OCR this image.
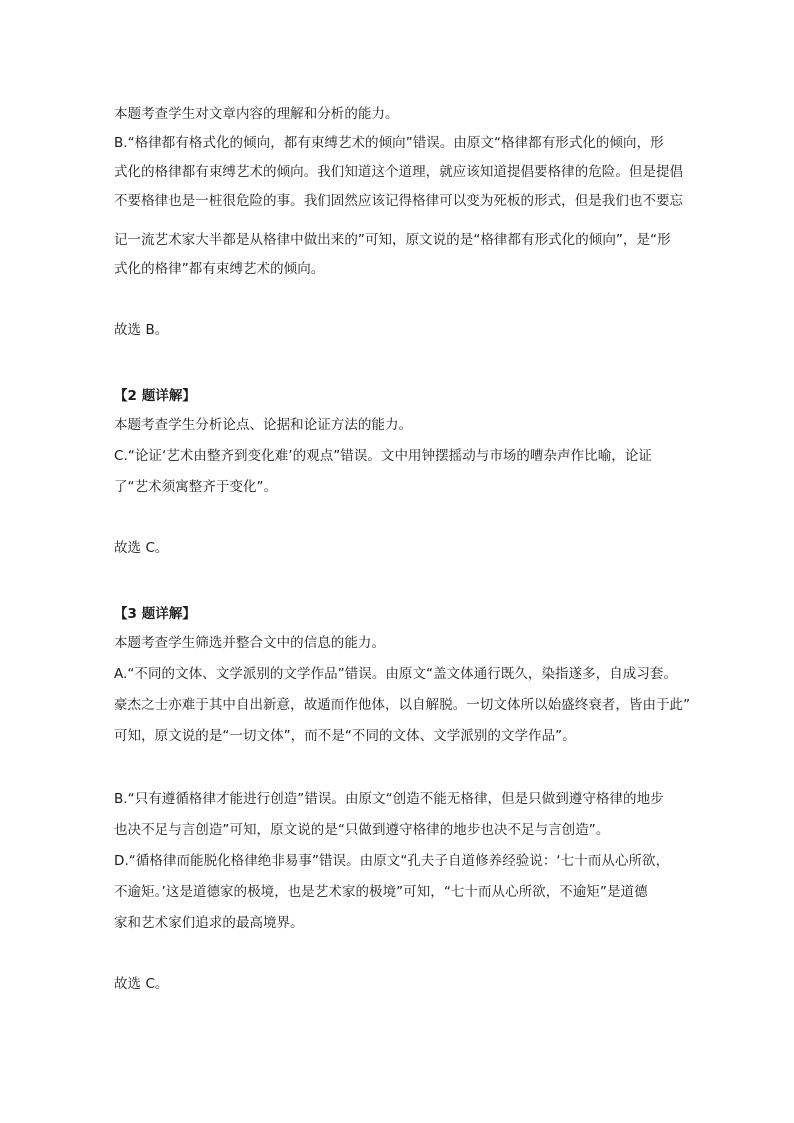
本题考查学生对文章内容的理解和分析的能力。
B.“格律都有格式化的倾向，都有束缚艺术的倾向”错误。由原文“格律都有形式化的倾向，形
式化的格律都有束缚艺术的倾向。我们知道这个道理，就应该知道提倡要格律的危险。但是提倡
不要格律也是一桩很危险的事。我们固然应该记得格律可以变为死板的形式，但是我们也不要忘
记一流艺术家大半都是从格律中做出来的”可知，原文说的是“格律都有形式化的倾向”，是“形
式化的格律”都有束缚艺术的倾向。
故选 B。
【2 题详解】
本题考查学生分析论点、论据和论证方法的能力。
C.“论证‘艺术由整齐到变化难’的观点”错误。文中用钟摆摇动与市场的嘈杂声作比喻，论证
了“艺术须寓整齐于变化”。
故选 C。
【3 题详解】
本题考查学生筛选并整合文中的信息的能力。
A.“不同的文体、文学派别的文学作品”错误。由原文“盖文体通行既久，染指遂多，自成习套。
豪杰之士亦难于其中自出新意，故遁而作他体，以自解脱。一切文体所以始盛终衰者，皆由于此”
可知，原文说的是“一切文体”，而不是“不同的文体、文学派别的文学作品”。
B.“只有遵循格律才能进行创造”错误。由原文“创造不能无格律，但是只做到遵守格律的地步
也决不足与言创造”可知，原文说的是“只做到遵守格律的地步也决不足与言创造”。
D.“循格律而能脱化格律绝非易事”错误。由原文“孔夫子自道修养经验说：‘七十而从心所欲，
不逾矩。’这是道德家的极境，也是艺术家的极境”可知，“七十而从心所欲，不逾矩”是道德
家和艺术家们追求的最高境界。
故选 C。
